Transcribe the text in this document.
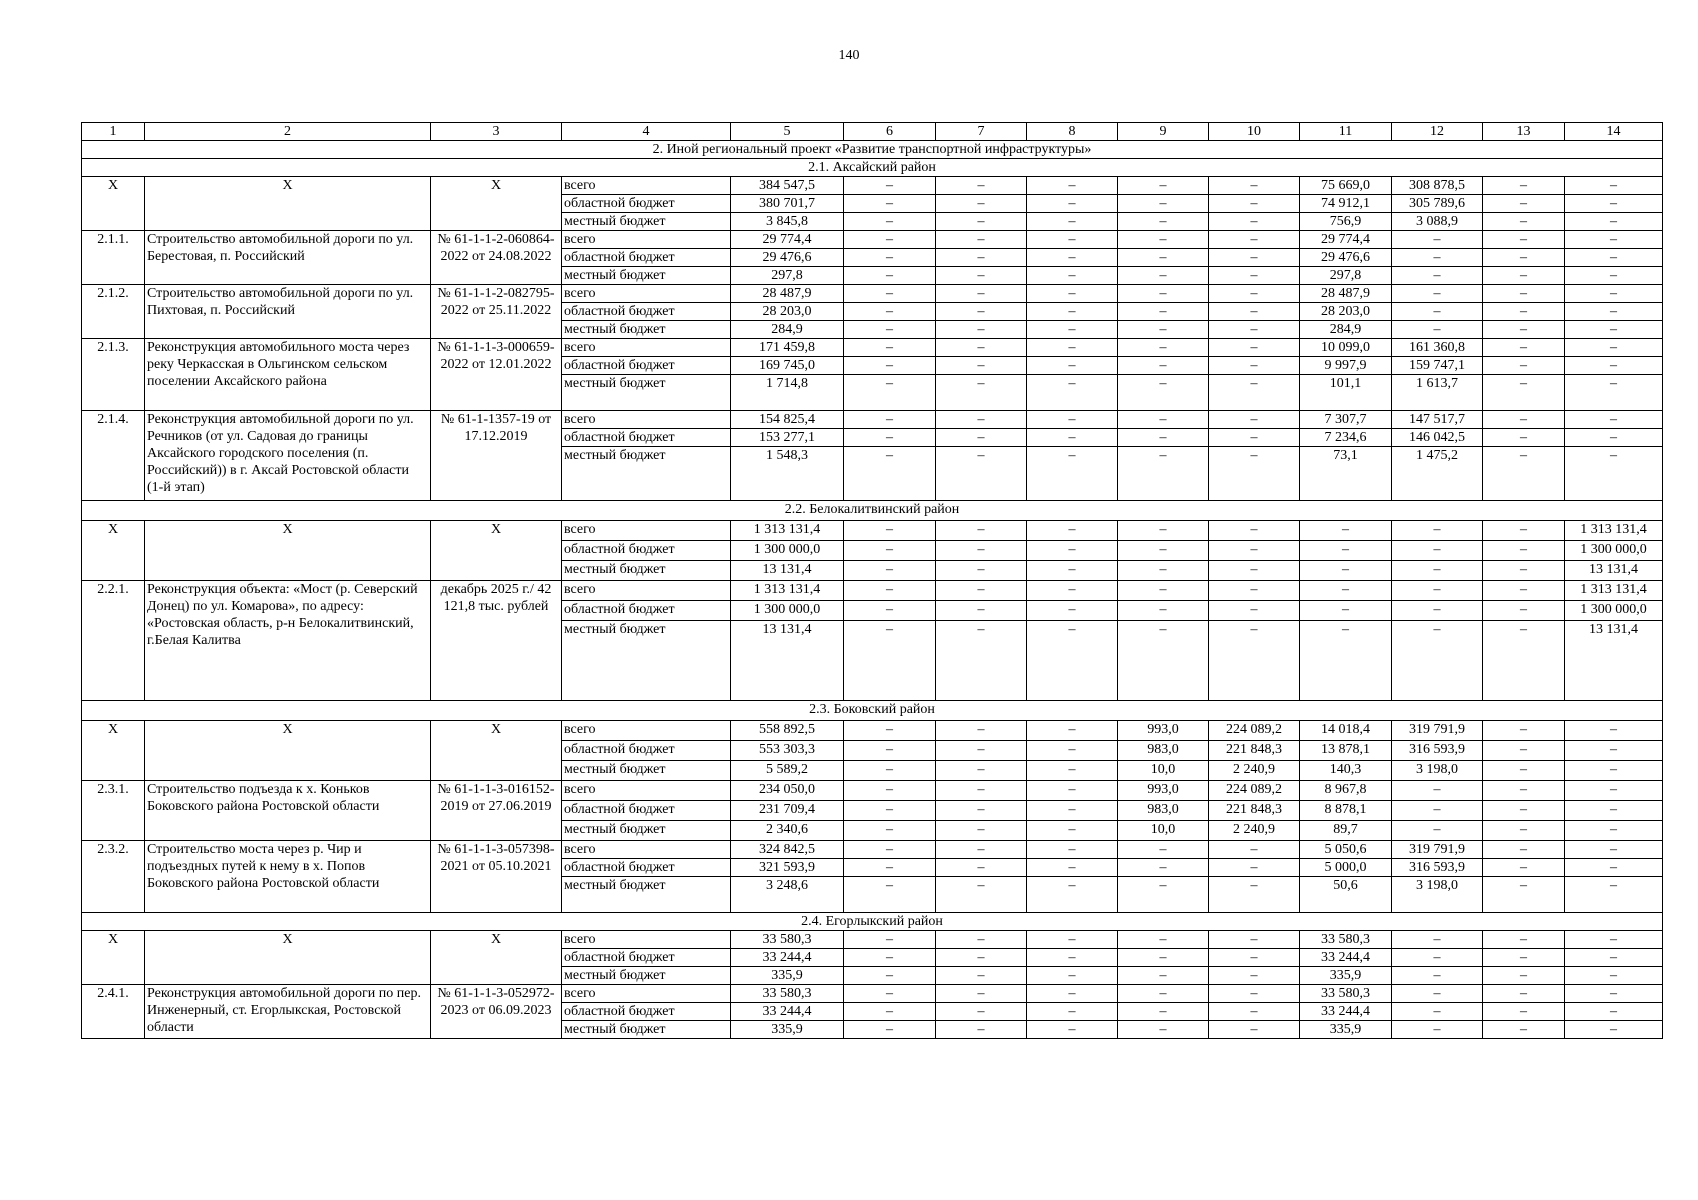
140
1	2	3	4	5	6	7	8	9	10	11	12	13	14
2. Иной региональный проект «Развитие транспортной инфраструктуры»													
2.1. Аксайский район													
Х	Х	Х	всего	384 547,5	–	–	–	–	–	75 669,0	308 878,5	–	–
			областной бюджет	380 701,7	–	–	–	–	–	74 912,1	305 789,6	–	–
			местный бюджет	3 845,8	–	–	–	–	–	756,9	3 088,9	–	–
2.1.1.	Строительство автомобильной дороги по ул. Берестовая, п. Российский	№ 61-1-1-2-060864-2022 от 24.08.2022	всего	29 774,4	–	–	–	–	–	29 774,4	–	–	–
			областной бюджет	29 476,6	–	–	–	–	–	29 476,6	–	–	–
			местный бюджет	297,8	–	–	–	–	–	297,8	–	–	–
2.1.2.	Строительство автомобильной дороги по ул. Пихтовая, п. Российский	№ 61-1-1-2-082795-2022 от 25.11.2022	всего	28 487,9	–	–	–	–	–	28 487,9	–	–	–
			областной бюджет	28 203,0	–	–	–	–	–	28 203,0	–	–	–
			местный бюджет	284,9	–	–	–	–	–	284,9	–	–	–
2.1.3.	Реконструкция автомобильного моста через реку Черкасская в Ольгинском сельском поселении Аксайского района	№ 61-1-1-3-000659-2022 от 12.01.2022	всего	171 459,8	–	–	–	–	–	10 099,0	161 360,8	–	–
			областной бюджет	169 745,0	–	–	–	–	–	9 997,9	159 747,1	–	–
			местный бюджет	1 714,8	–	–	–	–	–	101,1	1 613,7	–	–
2.1.4.	Реконструкция автомобильной дороги по ул. Речников (от ул. Садовая до границы Аксайского городского поселения (п. Российский)) в г. Аксай Ростовской области (1-й этап)	№ 61-1-1357-19 от 17.12.2019	всего	154 825,4	–	–	–	–	–	7 307,7	147 517,7	–	–
			областной бюджет	153 277,1	–	–	–	–	–	7 234,6	146 042,5	–	–
			местный бюджет	1 548,3	–	–	–	–	–	73,1	1 475,2	–	–
2.2. Белокалитвинский район													
Х	Х	Х	всего	1 313 131,4	–	–	–	–	–	–	–	–	1 313 131,4
			областной бюджет	1 300 000,0	–	–	–	–	–	–	–	–	1 300 000,0
			местный бюджет	13 131,4	–	–	–	–	–	–	–	–	13 131,4
2.2.1.	Реконструкция объекта: «Мост (р. Северский Донец) по ул. Комарова», по адресу: «Ростовская область, р-н Белокалитвинский, г.Белая Калитва	декабрь 2025 г./ 42 121,8 тыс. рублей	всего	1 313 131,4	–	–	–	–	–	–	–	–	1 313 131,4
			областной бюджет	1 300 000,0	–	–	–	–	–	–	–	–	1 300 000,0
			местный бюджет	13 131,4	–	–	–	–	–	–	–	–	13 131,4
2.3. Боковский район													
Х	Х	Х	всего	558 892,5	–	–	–	993,0	224 089,2	14 018,4	319 791,9	–	–
			областной бюджет	553 303,3	–	–	–	983,0	221 848,3	13 878,1	316 593,9	–	–
			местный бюджет	5 589,2	–	–	–	10,0	2 240,9	140,3	3 198,0	–	–
2.3.1.	Строительство подъезда к х. Коньков Боковского района Ростовской области	№ 61-1-1-3-016152-2019 от 27.06.2019	всего	234 050,0	–	–	–	993,0	224 089,2	8 967,8	–	–	–
			областной бюджет	231 709,4	–	–	–	983,0	221 848,3	8 878,1	–	–	–
			местный бюджет	2 340,6	–	–	–	10,0	2 240,9	89,7	–	–	–
2.3.2.	Строительство моста через р. Чир и подъездных путей к нему в х. Попов Боковского района Ростовской области	№ 61-1-1-3-057398-2021 от 05.10.2021	всего	324 842,5	–	–	–	–	–	5 050,6	319 791,9	–	–
			областной бюджет	321 593,9	–	–	–	–	–	5 000,0	316 593,9	–	–
			местный бюджет	3 248,6	–	–	–	–	–	50,6	3 198,0	–	–
2.4. Егорлыкский район													
Х	Х	Х	всего	33 580,3	–	–	–	–	–	33 580,3	–	–	–
			областной бюджет	33 244,4	–	–	–	–	–	33 244,4	–	–	–
			местный бюджет	335,9	–	–	–	–	–	335,9	–	–	–
2.4.1.	Реконструкция автомобильной дороги по пер. Инженерный, ст. Егорлыкская, Ростовской области	№ 61-1-1-3-052972-2023 от 06.09.2023	всего	33 580,3	–	–	–	–	–	33 580,3	–	–	–
			областной бюджет	33 244,4	–	–	–	–	–	33 244,4	–	–	–
			местный бюджет	335,9	–	–	–	–	–	335,9	–	–	–
